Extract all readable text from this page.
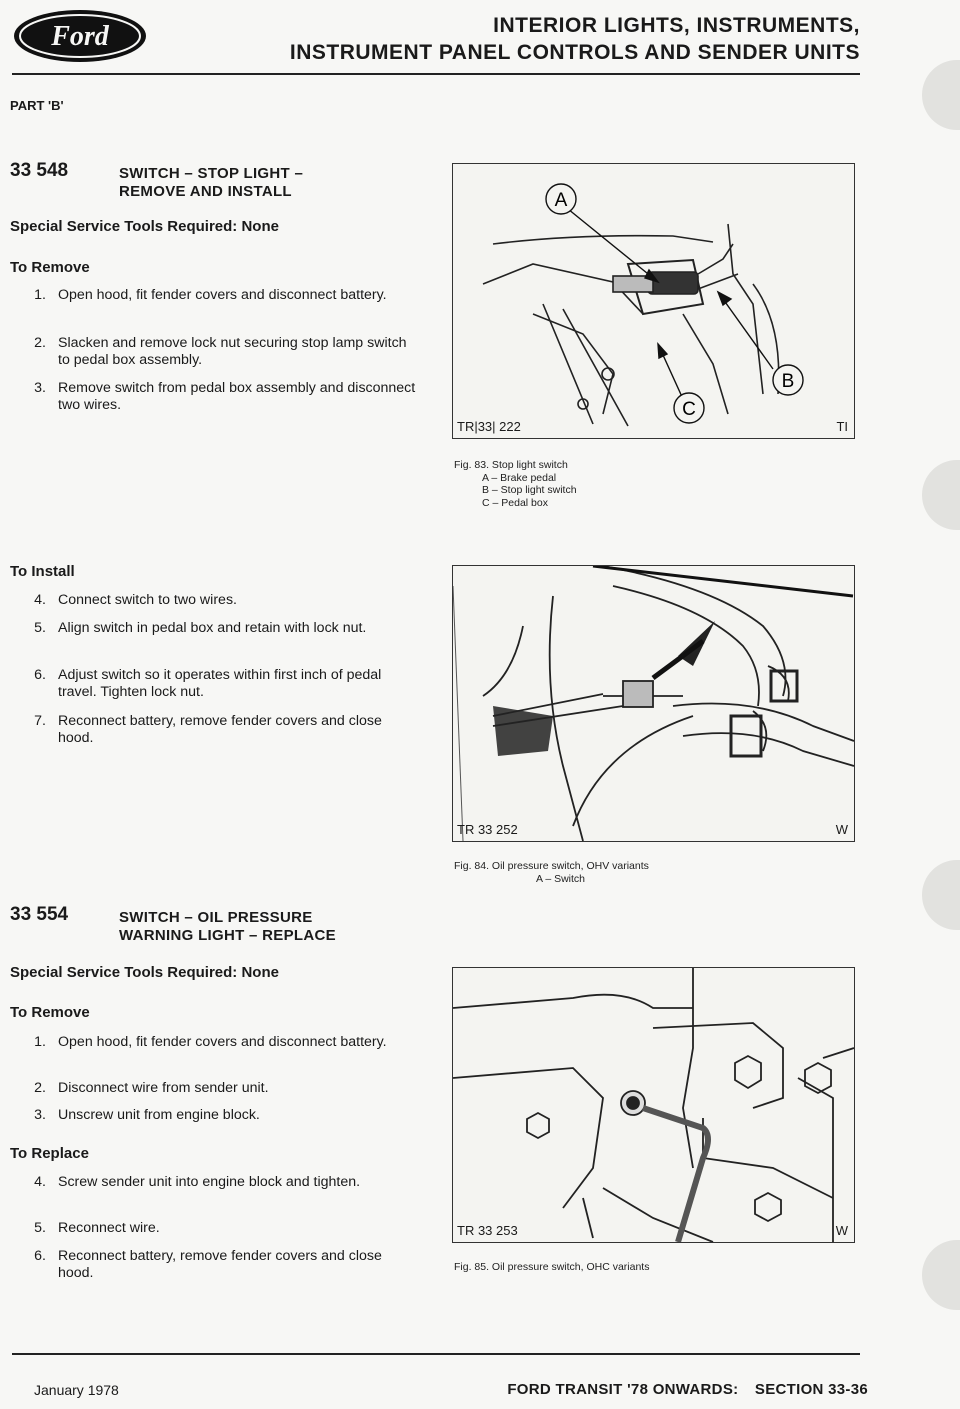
Ford	INTERIOR LIGHTS, INSTRUMENTS,
INSTRUMENT PANEL CONTROLS AND SENDER UNITS
PART 'B'
33 548	SWITCH – STOP LIGHT –
REMOVE AND INSTALL
Special Service Tools Required: None
To Remove
1. Open hood, fit fender covers and disconnect battery.
2. Slacken and remove lock nut securing stop lamp switch to pedal box assembly.
3. Remove switch from pedal box assembly and disconnect two wires.
To Install
4. Connect switch to two wires.
5. Align switch in pedal box and retain with lock nut.
6. Adjust switch so it operates within first inch of pedal travel. Tighten lock nut.
7. Reconnect battery, remove fender covers and close hood.
33 554	SWITCH – OIL PRESSURE
WARNING LIGHT – REPLACE
Special Service Tools Required: None
To Remove
1. Open hood, fit fender covers and disconnect battery.
2. Disconnect wire from sender unit.
3. Unscrew unit from engine block.
To Replace
4. Screw sender unit into engine block and tighten.
5. Reconnect wire.
6. Reconnect battery, remove fender covers and close hood.
A
B
C
TR|33| 222	TI
Fig. 83. Stop light switch
A – Brake pedal
B – Stop light switch
C – Pedal box
TR 33 252	W
Fig. 84. Oil pressure switch, OHV variants
A – Switch
TR 33 253	W
Fig. 85. Oil pressure switch, OHC variants
January 1978	FORD TRANSIT '78 ONWARDS: SECTION 33-36
